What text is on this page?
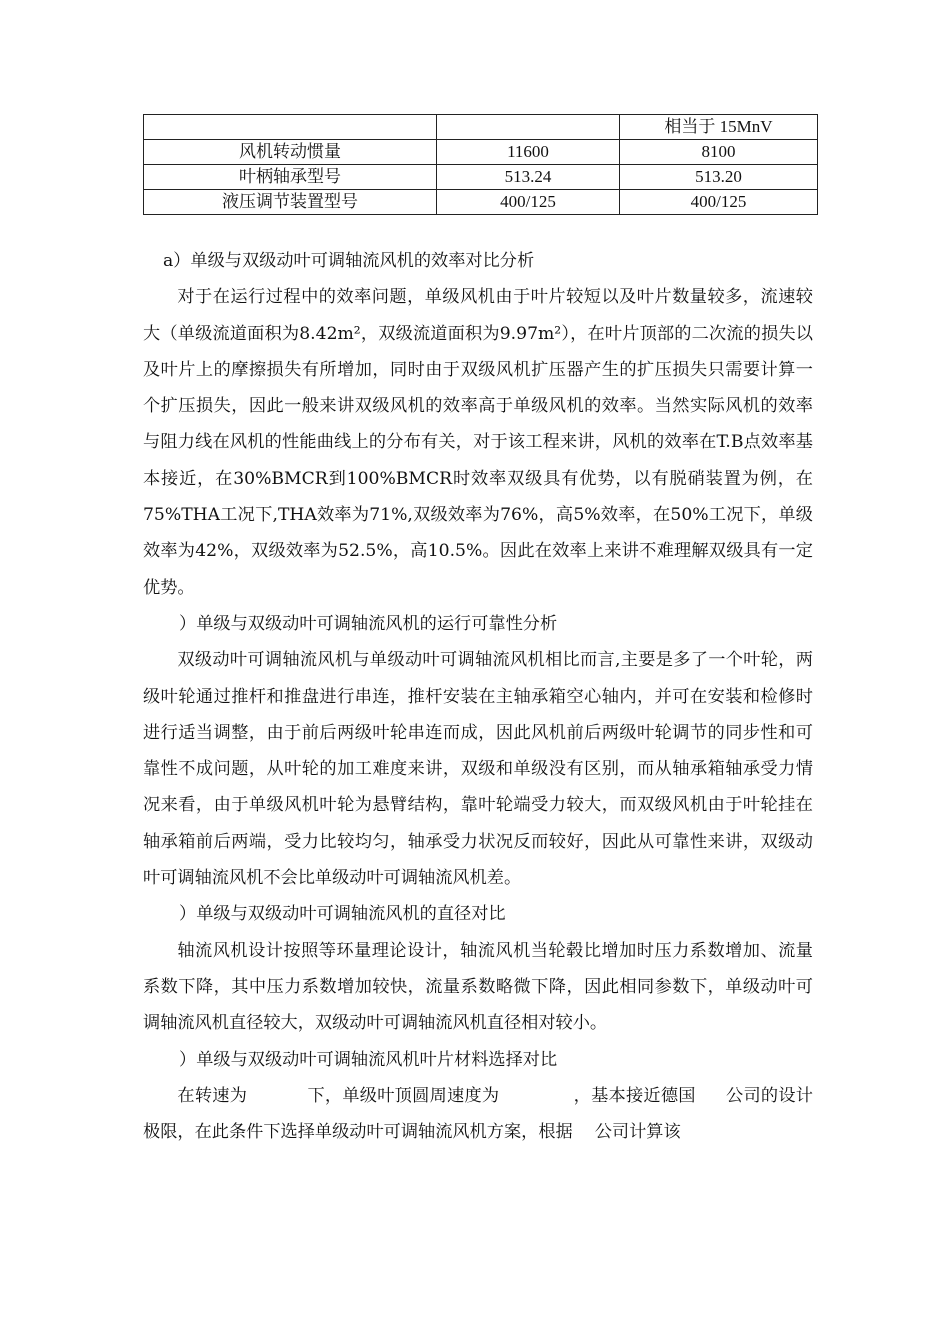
		相当于 15MnV
风机转动惯量	11600	8100
叶柄轴承型号	513.24	513.20
液压调节装置型号	400/125	400/125

a）单级与双级动叶可调轴流风机的效率对比分析

对于在运行过程中的效率问题，单级风机由于叶片较短以及叶片数量较多，流速较大（单级流道面积为8.42m²，双级流道面积为9.97m²），在叶片顶部的二次流的损失以及叶片上的摩擦损失有所增加，同时由于双级风机扩压器产生的扩压损失只需要计算一个扩压损失，因此一般来讲双级风机的效率高于单级风机的效率。当然实际风机的效率与阻力线在风机的性能曲线上的分布有关，对于该工程来讲，风机的效率在T.B点效率基本接近，在30%BMCR到100%BMCR时效率双级具有优势，以有脱硝装置为例，在75%THA工况下,THA效率为71%,双级效率为76%，高5%效率，在50%工况下，单级效率为42%，双级效率为52.5%，高10.5%。因此在效率上来讲不难理解双级具有一定优势。

）单级与双级动叶可调轴流风机的运行可靠性分析

双级动叶可调轴流风机与单级动叶可调轴流风机相比而言,主要是多了一个叶轮，两级叶轮通过推杆和推盘进行串连，推杆安装在主轴承箱空心轴内，并可在安装和检修时进行适当调整，由于前后两级叶轮串连而成，因此风机前后两级叶轮调节的同步性和可靠性不成问题，从叶轮的加工难度来讲，双级和单级没有区别，而从轴承箱轴承受力情况来看，由于单级风机叶轮为悬臂结构，靠叶轮端受力较大，而双级风机由于叶轮挂在轴承箱前后两端，受力比较均匀，轴承受力状况反而较好，因此从可靠性来讲，双级动叶可调轴流风机不会比单级动叶可调轴流风机差。

）单级与双级动叶可调轴流风机的直径对比

轴流风机设计按照等环量理论设计，轴流风机当轮毂比增加时压力系数增加、流量系数下降，其中压力系数增加较快，流量系数略微下降，因此相同参数下，单级动叶可调轴流风机直径较大，双级动叶可调轴流风机直径相对较小。

）单级与双级动叶可调轴流风机叶片材料选择对比

在转速为	下，单级叶顶圆周速度为	，基本接近德国 公司的设计极限，在此条件下选择单级动叶可调轴流风机方案，根据 公司计算该
